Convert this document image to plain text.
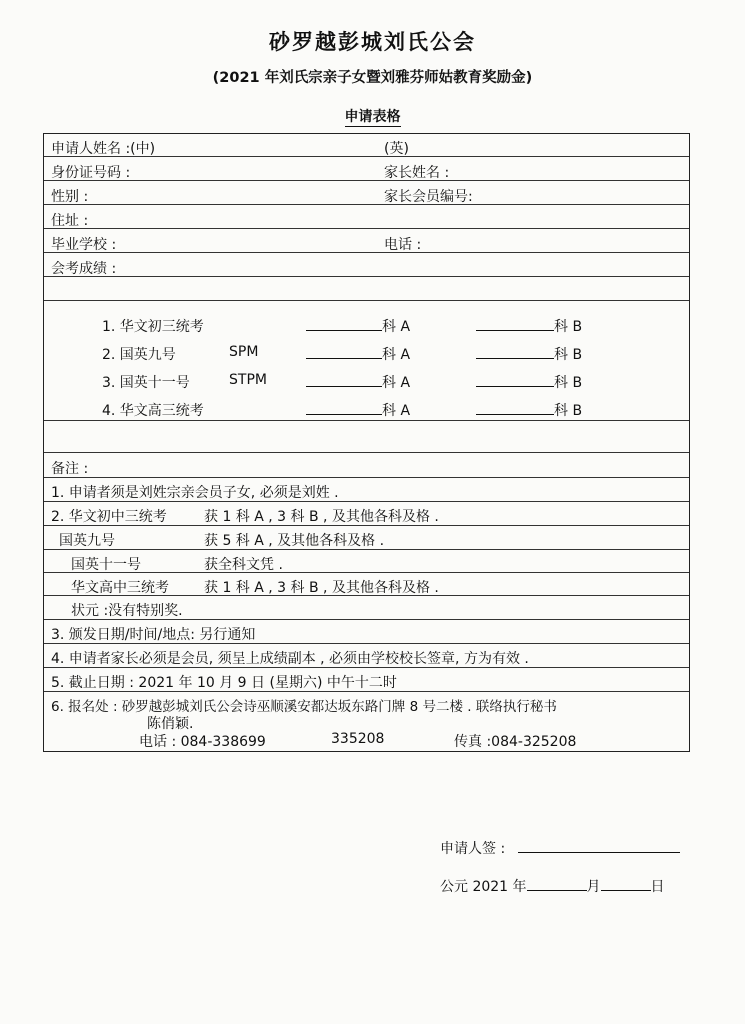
砂罗越彭城刘氏公会
(2021 年刘氏宗亲子女暨刘雅芬师姑教育奖励金)
申请表格
申请人姓名 :(中)	(英)
身份证号码 :	家长姓名 :
性别 :	家长会员编号:
住址 :
毕业学校 :	电话 :
会考成绩 :
1. 华文初三统考	科 A	科 B
2. 国英九号	SPM	科 A	科 B
3. 国英十一号	STPM	科 A	科 B
4. 华文高三统考	科 A	科 B
备注 :
1. 申请者须是刘姓宗亲会员子女, 必须是刘姓 .
2. 华文初中三统考	获 1 科 A , 3 科 B , 及其他各科及格 .
国英九号	获 5 科 A , 及其他各科及格 .
国英十一号	获全科文凭 .
华文高中三统考	获 1 科 A , 3 科 B , 及其他各科及格 .
状元 :没有特别奖.
3. 颁发日期/时间/地点: 另行通知
4. 申请者家长必须是会员, 须呈上成绩副本 , 必须由学校校长签章, 方为有效 .
5. 截止日期 : 2021 年 10 月 9 日 (星期六) 中午十二时
6. 报名处 : 砂罗越彭城刘氏公会诗巫顺溪安都达坂东路门牌 8 号二楼 . 联络执行秘书
陈俏颖.
电话 : 084-338699	335208	传真 :084-325208
申请人签 :
公元 2021 年	月	日
